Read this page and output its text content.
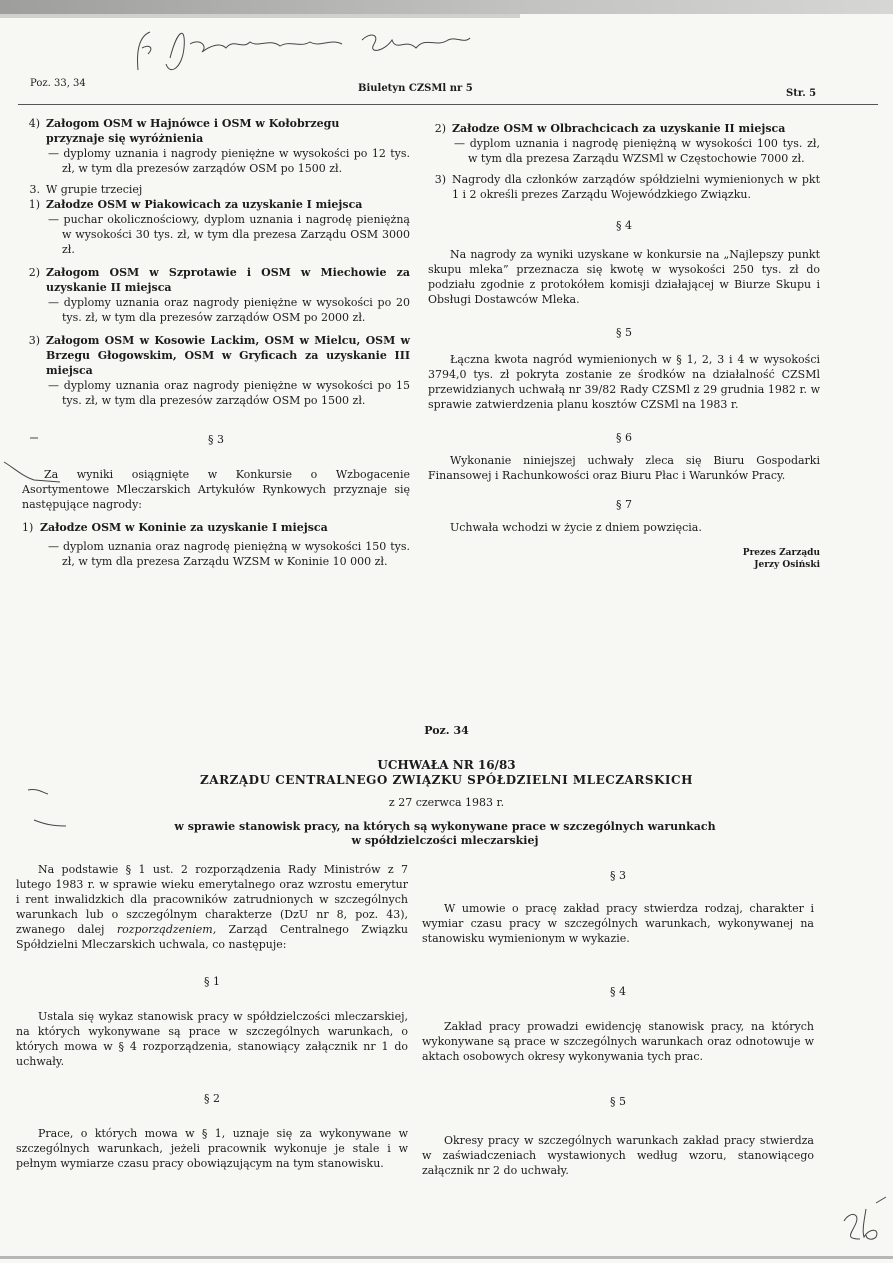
Poz. 33, 34	Biuletyn CZSMl nr 5	Str. 5
4) Załogom OSM w Hajnówce i OSM w Kołobrzegu

przyznaje się wyróżnienia

— dyplomy uznania i nagrody pieniężne w wysokości po 12 tys. zł, w tym dla prezesów zarządów OSM po 1500 zł.

3. W grupie trzeciej
1) Załodze OSM w Piakowicach za uzyskanie I miejsca

— puchar okolicznościowy, dyplom uznania i nagrodę pieniężną w wysokości 30 tys. zł, w tym dla prezesa Zarządu OSM 3000 zł.

2) Załogom OSM w Szprotawie i OSM w Miechowie za uzyskanie II miejsca

— dyplomy uznania oraz nagrody pieniężne w wysokości po 20 tys. zł, w tym dla prezesów zarządów OSM po 2000 zł.

3) Załogom OSM w Kosowie Lackim, OSM w Mielcu, OSM w Brzegu Głogowskim, OSM w Gryficach za uzyskanie III miejsca

— dyplomy uznania oraz nagrody pieniężne w wysokości po 15 tys. zł, w tym dla prezesów zarządów OSM po 1500 zł.

§ 3

Za wyniki osiągnięte w Konkursie o Wzbogacenie Asortymentowe Mleczarskich Artykułów Rynkowych przyznaje się następujące nagrody:

1) Załodze OSM w Koninie za uzyskanie I miejsca

— dyplom uznania oraz nagrodę pieniężną w wysokości 150 tys. zł, w tym dla prezesa Zarządu WZSM w Koninie 10 000 zł.

2) Załodze OSM w Olbrachcicach za uzyskanie II miejsca

— dyplom uznania i nagrodę pieniężną w wysokości 100 tys. zł, w tym dla prezesa Zarządu WZSMl w Częstochowie 7000 zł.

3) Nagrody dla członków zarządów spółdzielni wymienionych w pkt 1 i 2 określi prezes Zarządu Wojewódzkiego Związku.

§ 4

Na nagrody za wyniki uzyskane w konkursie na „Najlepszy punkt skupu mleka” przeznacza się kwotę w wysokości 250 tys. zł do podziału zgodnie z protokółem komisji działającej w Biurze Skupu i Obsługi Dostawców Mleka.

§ 5

Łączna kwota nagród wymienionych w § 1, 2, 3 i 4 w wysokości 3794,0 tys. zł pokryta zostanie ze środków na działalność CZSMl przewidzianych uchwałą nr 39/82 Rady CZSMl z 29 grudnia 1982 r. w sprawie zatwierdzenia planu kosztów CZSMl na 1983 r.

§ 6

Wykonanie niniejszej uchwały zleca się Biuru Gospodarki Finansowej i Rachunkowości oraz Biuru Płac i Warunków Pracy.

§ 7

Uchwała wchodzi w życie z dniem powzięcia.

Prezes Zarządu

Jerzy Osiński

Poz. 34
UCHWAŁA NR 16/83
ZARZĄDU CENTRALNEGO ZWIĄZKU SPÓŁDZIELNI MLECZARSKICH
z 27 czerwca 1983 r.
w sprawie stanowisk pracy, na których są wykonywane prace w szczególnych warunkach
w spółdzielczości mleczarskiej

Na podstawie § 1 ust. 2 rozporządzenia Rady Ministrów z 7 lutego 1983 r. w sprawie wieku emerytalnego oraz wzrostu emerytur i rent inwalidzkich dla pracowników zatrudnionych w szczególnych warunkach lub o szczególnym charakterze (DzU nr 8, poz. 43), zwanego dalej rozporządzeniem, Zarząd Centralnego Związku Spółdzielni Mleczarskich uchwala, co następuje:

§ 1

Ustala się wykaz stanowisk pracy w spółdzielczości mleczarskiej, na których wykonywane są prace w szczególnych warunkach, o których mowa w § 4 rozporządzenia, stanowiący załącznik nr 1 do uchwały.

§ 2

Prace, o których mowa w § 1, uznaje się za wykonywane w szczególnych warunkach, jeżeli pracownik wykonuje je stale i w pełnym wymiarze czasu pracy obowiązującym na tym stanowisku.

§ 3

W umowie o pracę zakład pracy stwierdza rodzaj, charakter i wymiar czasu pracy w szczególnych warunkach, wykonywanej na stanowisku wymienionym w wykazie.

§ 4

Zakład pracy prowadzi ewidencję stanowisk pracy, na których wykonywane są prace w szczególnych warunkach oraz odnotowuje w aktach osobowych okresy wykonywania tych prac.

§ 5

Okresy pracy w szczególnych warunkach zakład pracy stwierdza w zaświadczeniach wystawionych według wzoru, stanowiącego załącznik nr 2 do uchwały.
